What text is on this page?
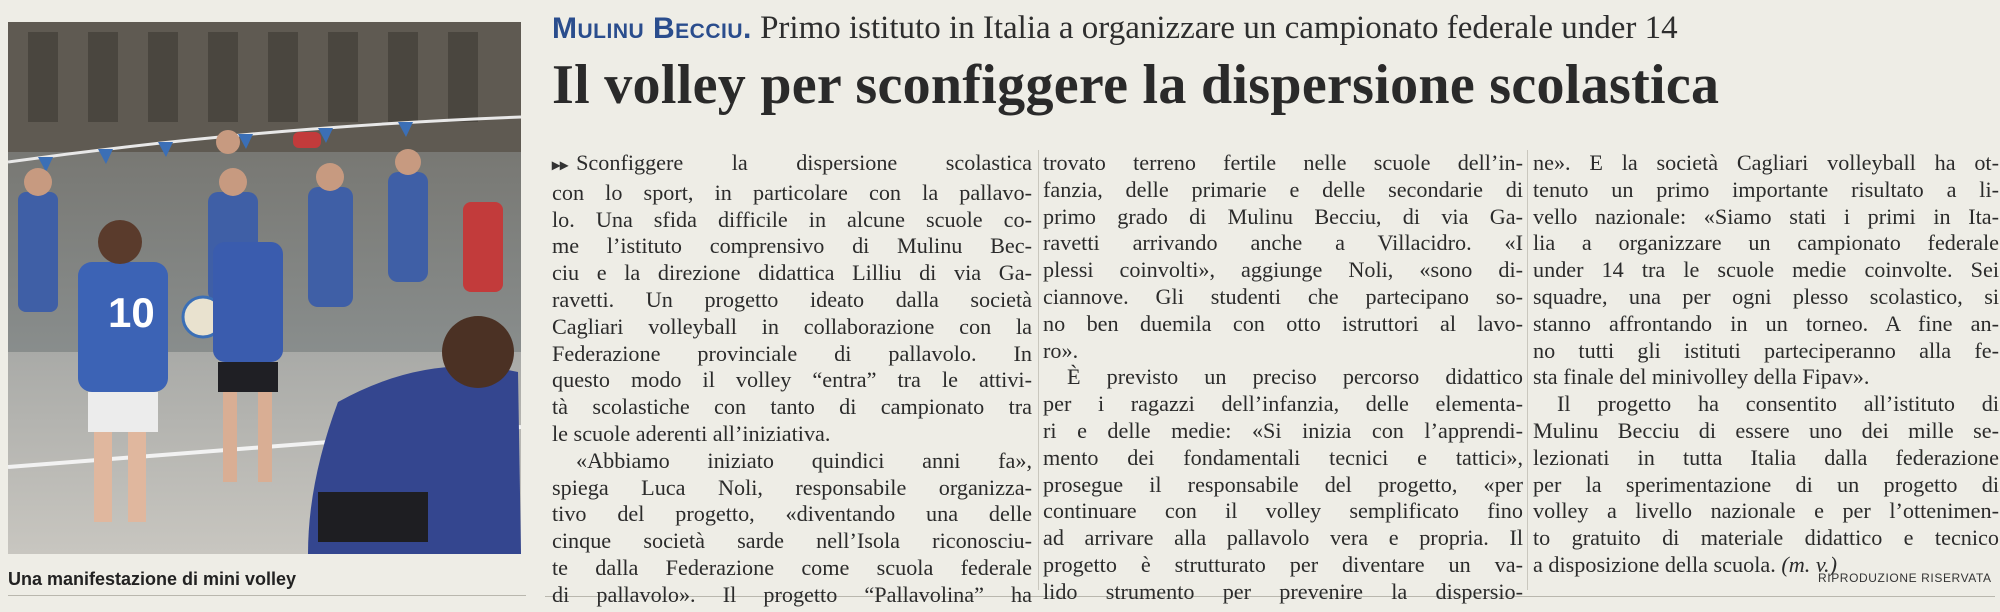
10
Una manifestazione di mini volley
Mulinu Becciu. Primo istituto in Italia a organizzare un campionato federale under 14
Il volley per sconfiggere la dispersione scolastica
▸▸ Sconfiggere la dispersione scolastica
con lo sport, in particolare con la pallavo-
lo. Una sfida difficile in alcune scuole co-
me l’istituto comprensivo di Mulinu Bec-
ciu e la direzione didattica Lilliu di via Ga-
ravetti. Un progetto ideato dalla società
Cagliari volleyball in collaborazione con la
Federazione provinciale di pallavolo. In
questo modo il volley “entra” tra le attivi-
tà scolastiche con tanto di campionato tra
le scuole aderenti all’iniziativa.
«Abbiamo iniziato quindici anni fa»,
spiega Luca Noli, responsabile organizza-
tivo del progetto, «diventando una delle
cinque società sarde nell’Isola riconosciu-
te dalla Federazione come scuola federale
di pallavolo». Il progetto “Pallavolina” ha
trovato terreno fertile nelle scuole dell’in-
fanzia, delle primarie e delle secondarie di
primo grado di Mulinu Becciu, di via Ga-
ravetti arrivando anche a Villacidro. «I
plessi coinvolti», aggiunge Noli, «sono di-
ciannove. Gli studenti che partecipano so-
no ben duemila con otto istruttori al lavo-
ro».
È previsto un preciso percorso didattico
per i ragazzi dell’infanzia, delle elementa-
ri e delle medie: «Si inizia con l’apprendi-
mento dei fondamentali tecnici e tattici»,
prosegue il responsabile del progetto, «per
continuare con il volley semplificato fino
ad arrivare alla pallavolo vera e propria. Il
progetto è strutturato per diventare un va-
lido strumento per prevenire la dispersio-
ne». E la società Cagliari volleyball ha ot-
tenuto un primo importante risultato a li-
vello nazionale: «Siamo stati i primi in Ita-
lia a organizzare un campionato federale
under 14 tra le scuole medie coinvolte. Sei
squadre, una per ogni plesso scolastico, si
stanno affrontando in un torneo. A fine an-
no tutti gli istituti parteciperanno alla fe-
sta finale del minivolley della Fipav».
Il progetto ha consentito all’istituto di
Mulinu Becciu di essere uno dei mille se-
lezionati in tutta Italia dalla federazione
per la sperimentazione di un progetto di
volley a livello nazionale e per l’ottenimen-
to gratuito di materiale didattico e tecnico
a disposizione della scuola. (m. v.)
RIPRODUZIONE RISERVATA
